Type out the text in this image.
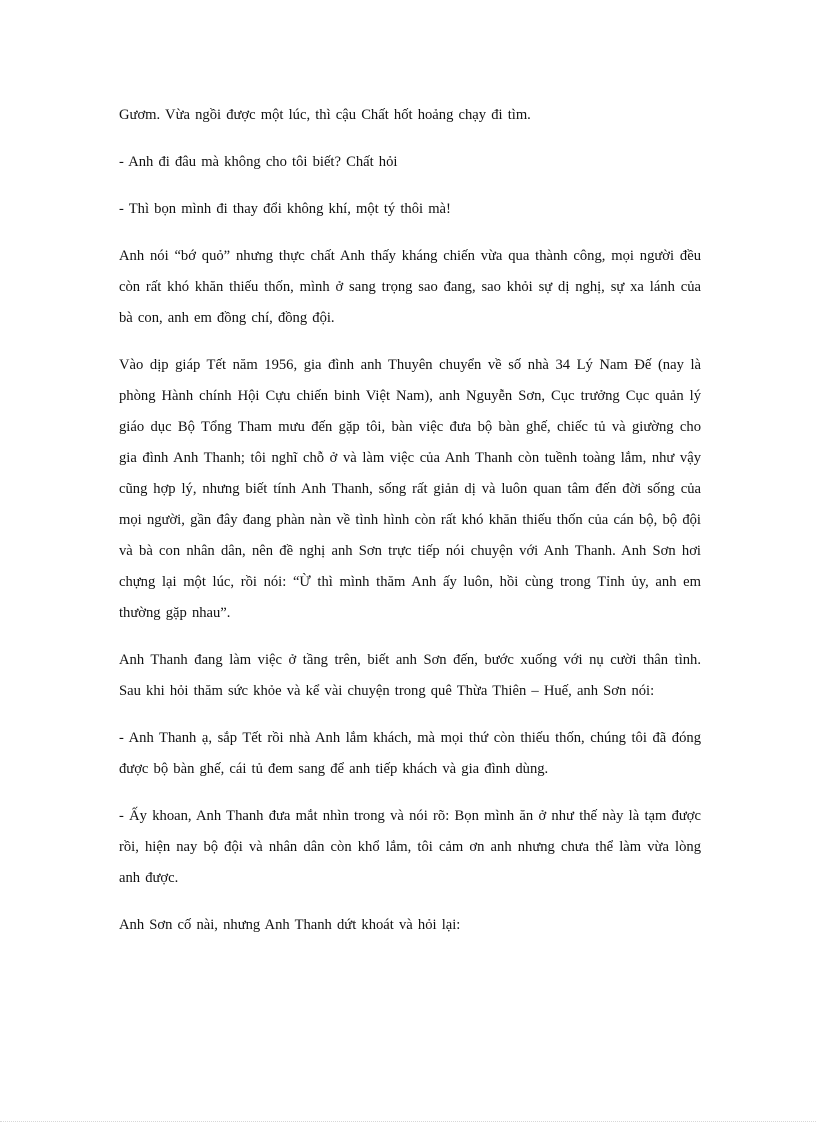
Gươm. Vừa ngồi được một lúc, thì cậu Chất hốt hoảng chạy đi tìm.

- Anh đi đâu mà không cho tôi biết? Chất hỏi

- Thì bọn mình đi thay đổi không khí, một tý thôi mà!

Anh nói “bớ quỏ” nhưng thực chất Anh thấy kháng chiến vừa qua thành công, mọi người đều còn rất khó khăn thiếu thốn, mình ở sang trọng sao đang, sao khỏi sự dị nghị, sự xa lánh của bà con, anh em đồng chí, đồng đội.

Vào dịp giáp Tết năm 1956, gia đình anh Thuyên chuyển về số nhà 34 Lý Nam Đế (nay là phòng Hành chính Hội Cựu chiến binh Việt Nam), anh Nguyễn Sơn, Cục trưởng Cục quản lý giáo dục Bộ Tổng Tham mưu đến gặp tôi, bàn việc đưa bộ bàn ghế, chiếc tủ và giường cho gia đình Anh Thanh; tôi nghĩ chỗ ở và làm việc của Anh Thanh còn tuềnh toàng lắm, như vậy cũng hợp lý, nhưng biết tính Anh Thanh, sống rất giản dị và luôn quan tâm đến đời sống của mọi người, gần đây đang phàn nàn về tình hình còn rất khó khăn thiếu thốn của cán bộ, bộ đội và bà con nhân dân, nên đề nghị anh Sơn trực tiếp nói chuyện với Anh Thanh. Anh Sơn hơi chựng lại một lúc, rồi nói: “Ừ thì mình thăm Anh ấy luôn, hồi cùng trong Tỉnh ủy, anh em thường gặp nhau”.

Anh Thanh đang làm việc ở tầng trên, biết anh Sơn đến, bước xuống với nụ cười thân tình. Sau khi hỏi thăm sức khỏe và kể vài chuyện trong quê Thừa Thiên – Huế, anh Sơn nói:

- Anh Thanh ạ, sắp Tết rồi nhà Anh lắm khách, mà mọi thứ còn thiếu thốn, chúng tôi đã đóng được bộ bàn ghế, cái tủ đem sang để anh tiếp khách và gia đình dùng.

- Ấy khoan, Anh Thanh đưa mắt nhìn trong và nói rõ: Bọn mình ăn ở như thế này là tạm được rồi, hiện nay bộ đội và nhân dân còn khổ lắm, tôi cảm ơn anh nhưng chưa thể làm vừa lòng anh được.

Anh Sơn cố nài, nhưng Anh Thanh dứt khoát và hỏi lại:
